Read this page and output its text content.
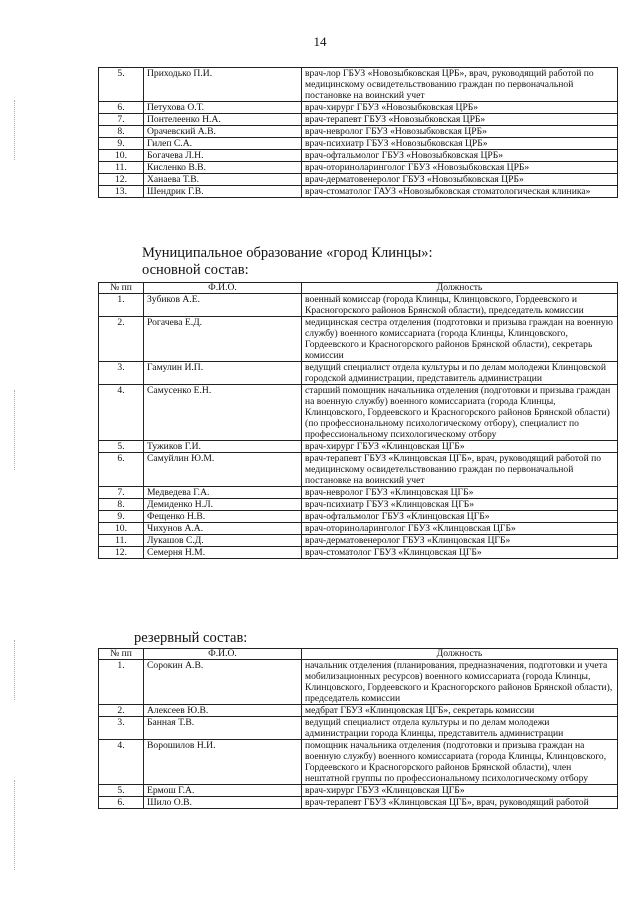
14
5.	Приходько П.И.	врач-лор ГБУЗ «Новозыбковская ЦРБ», врач, руководящий работой по медицинскому освидетельствованию граждан по первоначальной постановке на воинский учет
6.	Петухова О.Т.	врач-хирург ГБУЗ «Новозыбковская ЦРБ»
7.	Понтелеенко Н.А.	врач-терапевт ГБУЗ «Новозыбковская ЦРБ»
8.	Орачевский А.В.	врач-невролог ГБУЗ «Новозыбковская ЦРБ»
9.	Гилеп С.А.	врач-психиатр ГБУЗ «Новозыбковская ЦРБ»
10.	Богачева Л.Н.	врач-офтальмолог ГБУЗ «Новозыбковская ЦРБ»
11.	Кисленко В.В.	врач-оториноларинголог ГБУЗ «Новозыбковская ЦРБ»
12.	Ханаева Т.В.	врач-дерматовенеролог ГБУЗ «Новозыбковская ЦРБ»
13.	Шендрик Г.В.	врач-стоматолог ГАУЗ «Новозыбковская стоматологическая клиника»
Муниципальное образование «город Клинцы»:
основной состав:
№ пп	Ф.И.О.	Должность
1.	Зубиков А.Е.	военный комиссар (города Клинцы, Клинцовского, Гордеевского и Красногорского районов Брянской области), председатель комиссии
2.	Рогачева Е.Д.	медицинская сестра отделения (подготовки и призыва граждан на военную службу) военного комиссариата (города Клинцы, Клинцовского, Гордеевского и Красногорского районов Брянской области), секретарь комиссии
3.	Гамулин И.П.	ведущий специалист отдела культуры и по делам молодежи Клинцовской городской администрации, представитель администрации
4.	Самусенко Е.Н.	старший помощник начальника отделения (подготовки и призыва граждан на военную службу) военного комиссариата (города Клинцы, Клинцовского, Гордеевского и Красногорского районов Брянской области) (по профессиональному психологическому отбору), специалист по профессиональному психологическому отбору
5.	Тужиков Г.И.	врач-хирург ГБУЗ «Клинцовская ЦГБ»
6.	Самуйлин Ю.М.	врач-терапевт ГБУЗ «Клинцовская ЦГБ», врач, руководящий работой по медицинскому освидетельствованию граждан по первоначальной постановке на воинский учет
7.	Медведева Г.А.	врач-невролог ГБУЗ «Клинцовская ЦГБ»
8.	Демиденко Н.Л.	врач-психиатр ГБУЗ «Клинцовская ЦГБ»
9.	Фещенко Н.В.	врач-офтальмолог ГБУЗ «Клинцовская ЦГБ»
10.	Чихунов А.А.	врач-оториноларинголог ГБУЗ «Клинцовская ЦГБ»
11.	Лукашов С.Д.	врач-дерматовенеролог ГБУЗ «Клинцовская ЦГБ»
12.	Семерня Н.М.	врач-стоматолог ГБУЗ «Клинцовская ЦГБ»
резервный состав:
№ пп	Ф.И.О.	Должность
1.	Сорокин А.В.	начальник отделения (планирования, предназначения, подготовки и учета мобилизационных ресурсов) военного комиссариата (города Клинцы, Клинцовского, Гордеевского и Красногорского районов Брянской области), председатель комиссии
2.	Алексеев Ю.В.	медбрат ГБУЗ «Клинцовская ЦГБ», секретарь комиссии
3.	Банная Т.В.	ведущий специалист отдела культуры и по делам молодежи администрации города Клинцы, представитель администрации
4.	Ворошилов Н.И.	помощник начальника отделения (подготовки и призыва граждан на военную службу) военного комиссариата (города Клинцы, Клинцовского, Гордеевского и Красногорского районов Брянской области), член нештатной группы по профессиональному психологическому отбору
5.	Ермош Г.А.	врач-хирург ГБУЗ «Клинцовская ЦГБ»
6.	Шило О.В.	врач-терапевт ГБУЗ «Клинцовская ЦГБ», врач, руководящий работой
